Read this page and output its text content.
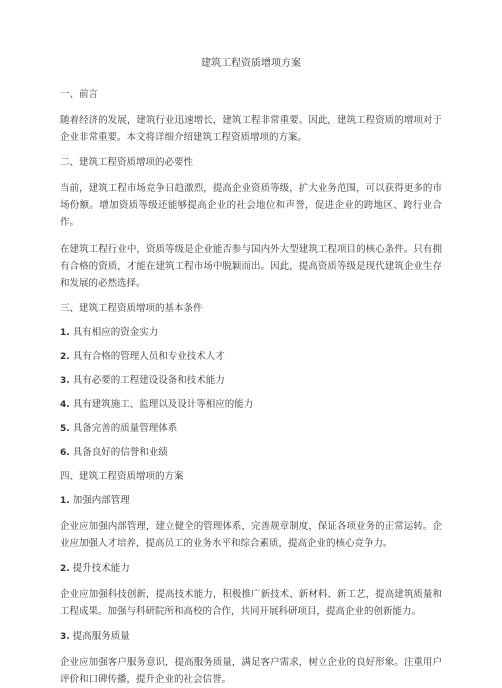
建筑工程资质增项方案
一、前言
随着经济的发展，建筑行业迅速增长，建筑工程非常重要。因此，建筑工程资质的增项对于企业非常重要。本文将详细介绍建筑工程资质增项的方案。
二、建筑工程资质增项的必要性
当前，建筑工程市场竞争日趋激烈，提高企业资质等级，扩大业务范围，可以获得更多的市场份额。增加资质等级还能够提高企业的社会地位和声誉，促进企业的跨地区、跨行业合作。
在建筑工程行业中，资质等级是企业能否参与国内外大型建筑工程项目的核心条件。只有拥有合格的资质，才能在建筑工程市场中脱颖而出。因此，提高资质等级是现代建筑企业生存和发展的必然选择。
三、建筑工程资质增项的基本条件
1. 具有相应的资金实力
2. 具有合格的管理人员和专业技术人才
3. 具有必要的工程建设设备和技术能力
4. 具有建筑施工、监理以及设计等相应的能力
5. 具备完善的质量管理体系
6. 具备良好的信誉和业绩
四、建筑工程资质增项的方案
1. 加强内部管理
企业应加强内部管理，建立健全的管理体系，完善规章制度，保证各项业务的正常运转。企业应加强人才培养，提高员工的业务水平和综合素质，提高企业的核心竞争力。
2. 提升技术能力
企业应加强科技创新，提高技术能力，积极推广新技术、新材料、新工艺，提高建筑质量和工程成果。加强与科研院所和高校的合作，共同开展科研项目，提高企业的创新能力。
3. 提高服务质量
企业应加强客户服务意识，提高服务质量，满足客户需求，树立企业的良好形象。注重用户评价和口碑传播，提升企业的社会信誉。
